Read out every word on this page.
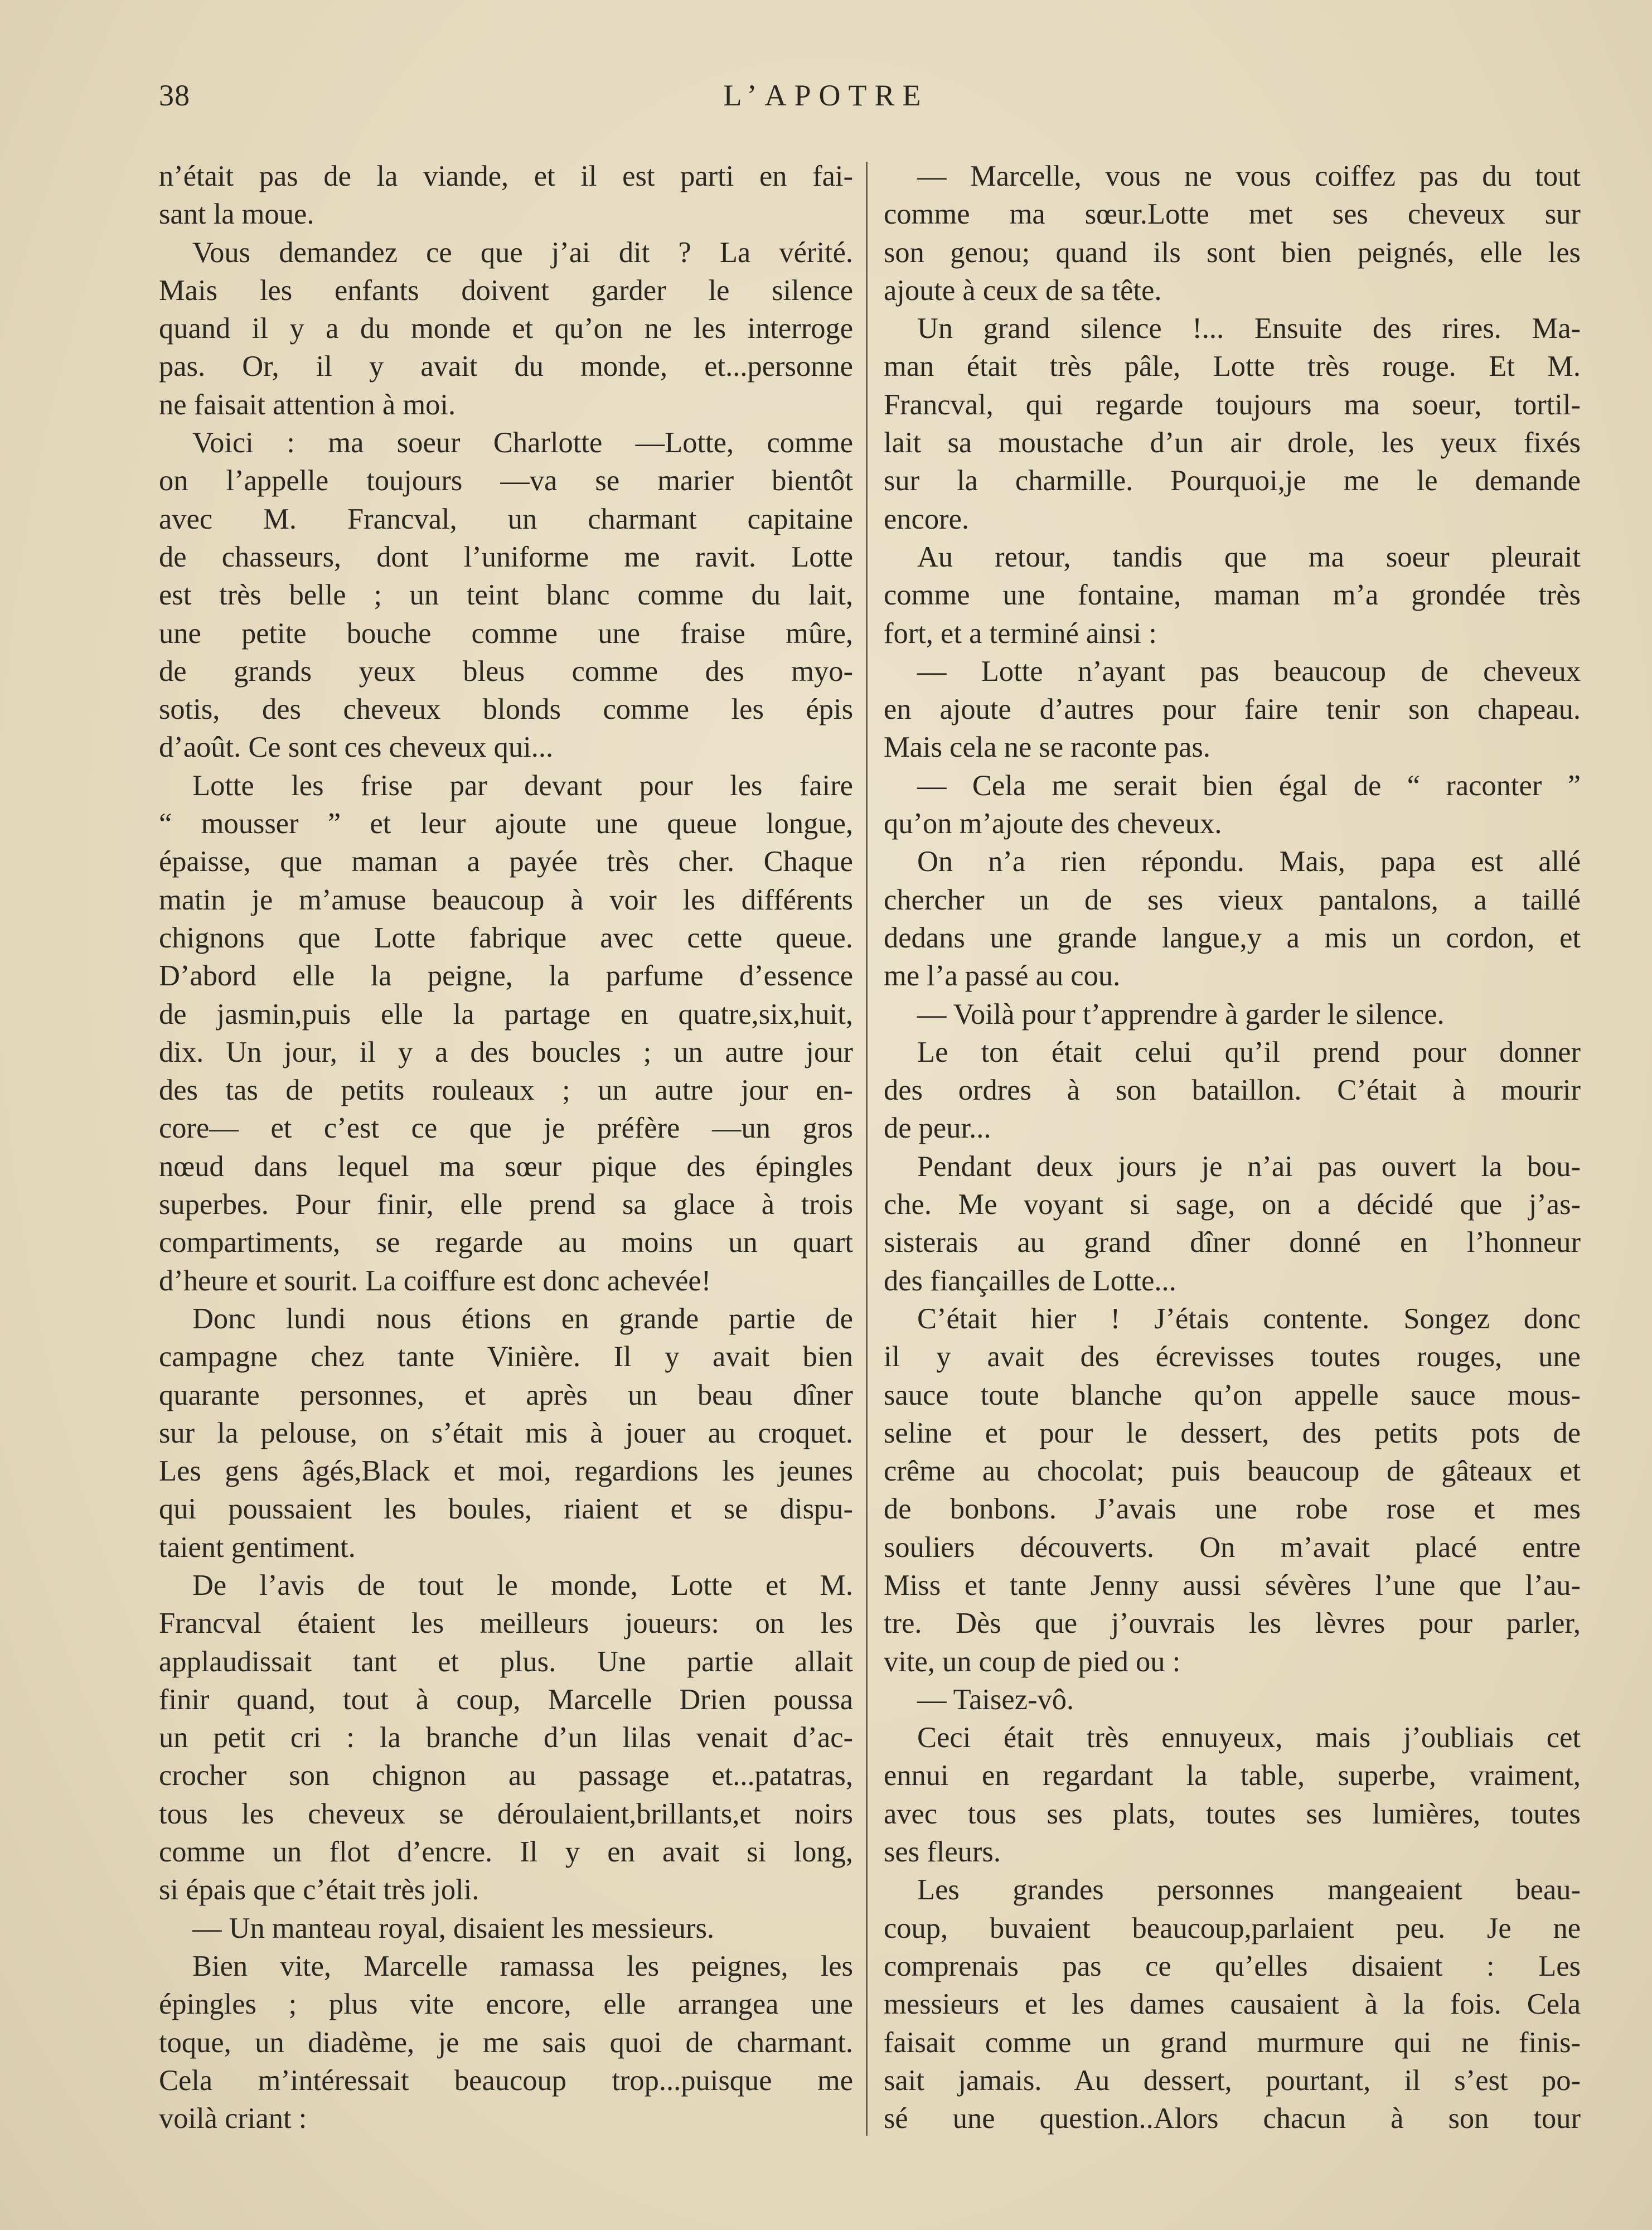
L’APOTRE
38

n’était pas de la viande, et il est parti en fai-

sant la moue.

Vous demandez ce que j’ai dit ? La vérité.

Mais les enfants doivent garder le silence

quand il y a du monde et qu’on ne les interroge

pas. Or, il y avait du monde, et...personne

ne faisait attention à moi.

Voici : ma soeur Charlotte —Lotte, comme

on l’appelle toujours —va se marier bientôt

avec M. Francval, un charmant capitaine

de chasseurs, dont l’uniforme me ravit. Lotte

est très belle ; un teint blanc comme du lait,

une petite bouche comme une fraise mûre,

de grands yeux bleus comme des myo-

sotis, des cheveux blonds comme les épis

d’août. Ce sont ces cheveux qui...

Lotte les frise par devant pour les faire

“ mousser ” et leur ajoute une queue longue,

épaisse, que maman a payée très cher. Chaque

matin je m’amuse beaucoup à voir les différents

chignons que Lotte fabrique avec cette queue.

D’abord elle la peigne, la parfume d’essence

de jasmin,puis elle la partage en quatre,six,huit,

dix. Un jour, il y a des boucles ; un autre jour

des tas de petits rouleaux ; un autre jour en-

core— et c’est ce que je préfère —un gros

nœud dans lequel ma sœur pique des épingles

superbes. Pour finir, elle prend sa glace à trois

compartiments, se regarde au moins un quart

d’heure et sourit. La coiffure est donc achevée!

Donc lundi nous étions en grande partie de

campagne chez tante Vinière. Il y avait bien

quarante personnes, et après un beau dîner

sur la pelouse, on s’était mis à jouer au croquet.

Les gens âgés,Black et moi, regardions les jeunes

qui poussaient les boules, riaient et se dispu-

taient gentiment.

De l’avis de tout le monde, Lotte et M.

Francval étaient les meilleurs joueurs: on les

applaudissait tant et plus. Une partie allait

finir quand, tout à coup, Marcelle Drien poussa

un petit cri : la branche d’un lilas venait d’ac-

crocher son chignon au passage et...patatras,

tous les cheveux se déroulaient,brillants,et noirs

comme un flot d’encre. Il y en avait si long,

si épais que c’était très joli.

— Un manteau royal, disaient les messieurs.

Bien vite, Marcelle ramassa les peignes, les

épingles ; plus vite encore, elle arrangea une

toque, un diadème, je me sais quoi de charmant.

Cela m’intéressait beaucoup trop...puisque me

voilà criant :

— Marcelle, vous ne vous coiffez pas du tout

comme ma sœur.Lotte met ses cheveux sur

son genou; quand ils sont bien peignés, elle les

ajoute à ceux de sa tête.

Un grand silence !... Ensuite des rires. Ma-

man était très pâle, Lotte très rouge. Et M.

Francval, qui regarde toujours ma soeur, tortil-

lait sa moustache d’un air drole, les yeux fixés

sur la charmille. Pourquoi,je me le demande

encore.

Au retour, tandis que ma soeur pleurait

comme une fontaine, maman m’a grondée très

fort, et a terminé ainsi :

— Lotte n’ayant pas beaucoup de cheveux

en ajoute d’autres pour faire tenir son chapeau.

Mais cela ne se raconte pas.

— Cela me serait bien égal de “ raconter ”

qu’on m’ajoute des cheveux.

On n’a rien répondu. Mais, papa est allé

chercher un de ses vieux pantalons, a taillé

dedans une grande langue,y a mis un cordon, et

me l’a passé au cou.

— Voilà pour t’apprendre à garder le silence.

Le ton était celui qu’il prend pour donner

des ordres à son bataillon. C’était à mourir

de peur...

Pendant deux jours je n’ai pas ouvert la bou-

che. Me voyant si sage, on a décidé que j’as-

sisterais au grand dîner donné en l’honneur

des fiançailles de Lotte...

C’était hier ! J’étais contente. Songez donc

il y avait des écrevisses toutes rouges, une

sauce toute blanche qu’on appelle sauce mous-

seline et pour le dessert, des petits pots de

crême au chocolat; puis beaucoup de gâteaux et

de bonbons. J’avais une robe rose et mes

souliers découverts. On m’avait placé entre

Miss et tante Jenny aussi sévères l’une que l’au-

tre. Dès que j’ouvrais les lèvres pour parler,

vite, un coup de pied ou :

— Taisez-vô.

Ceci était très ennuyeux, mais j’oubliais cet

ennui en regardant la table, superbe, vraiment,

avec tous ses plats, toutes ses lumières, toutes

ses fleurs.

Les grandes personnes mangeaient beau-

coup, buvaient beaucoup,parlaient peu. Je ne

comprenais pas ce qu’elles disaient : Les

messieurs et les dames causaient à la fois. Cela

faisait comme un grand murmure qui ne finis-

sait jamais. Au dessert, pourtant, il s’est po-

sé une question..Alors chacun à son tour
